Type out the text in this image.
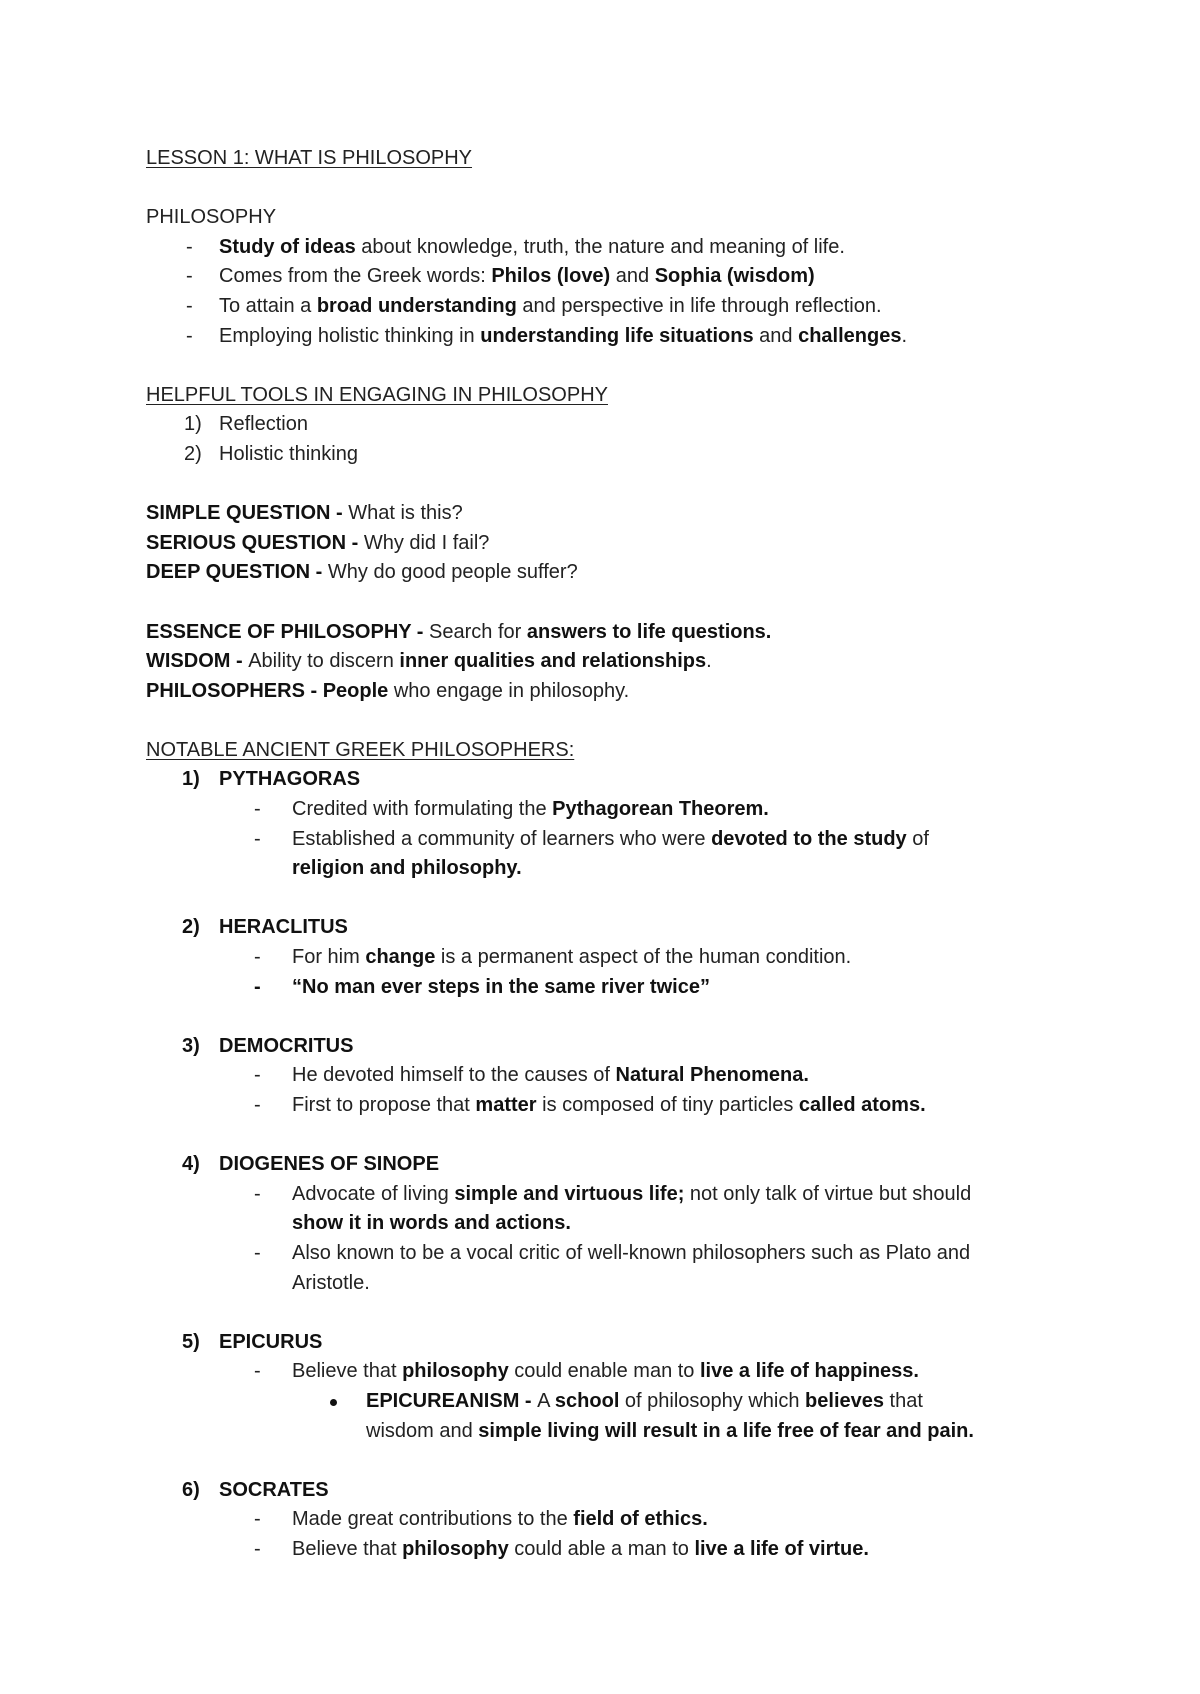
LESSON 1: WHAT IS PHILOSOPHY
PHILOSOPHY
- Study of ideas about knowledge, truth, the nature and meaning of life.
- Comes from the Greek words: Philos (love) and Sophia (wisdom)
- To attain a broad understanding and perspective in life through reflection.
- Employing holistic thinking in understanding life situations and challenges.
HELPFUL TOOLS IN ENGAGING IN PHILOSOPHY
1) Reflection
2) Holistic thinking
SIMPLE QUESTION - What is this?
SERIOUS QUESTION - Why did I fail?
DEEP QUESTION - Why do good people suffer?
ESSENCE OF PHILOSOPHY - Search for answers to life questions.
WISDOM - Ability to discern inner qualities and relationships.
PHILOSOPHERS - People who engage in philosophy.
NOTABLE ANCIENT GREEK PHILOSOPHERS:
1) PYTHAGORAS
- Credited with formulating the Pythagorean Theorem.
- Established a community of learners who were devoted to the study of
religion and philosophy.
2) HERACLITUS
- For him change is a permanent aspect of the human condition.
- “No man ever steps in the same river twice”
3) DEMOCRITUS
- He devoted himself to the causes of Natural Phenomena.
- First to propose that matter is composed of tiny particles called atoms.
4) DIOGENES OF SINOPE
- Advocate of living simple and virtuous life; not only talk of virtue but should
show it in words and actions.
- Also known to be a vocal critic of well-known philosophers such as Plato and
Aristotle.
5) EPICURUS
- Believe that philosophy could enable man to live a life of happiness.
EPICUREANISM - A school of philosophy which believes that
wisdom and simple living will result in a life free of fear and pain.
6) SOCRATES
- Made great contributions to the field of ethics.
- Believe that philosophy could able a man to live a life of virtue.
